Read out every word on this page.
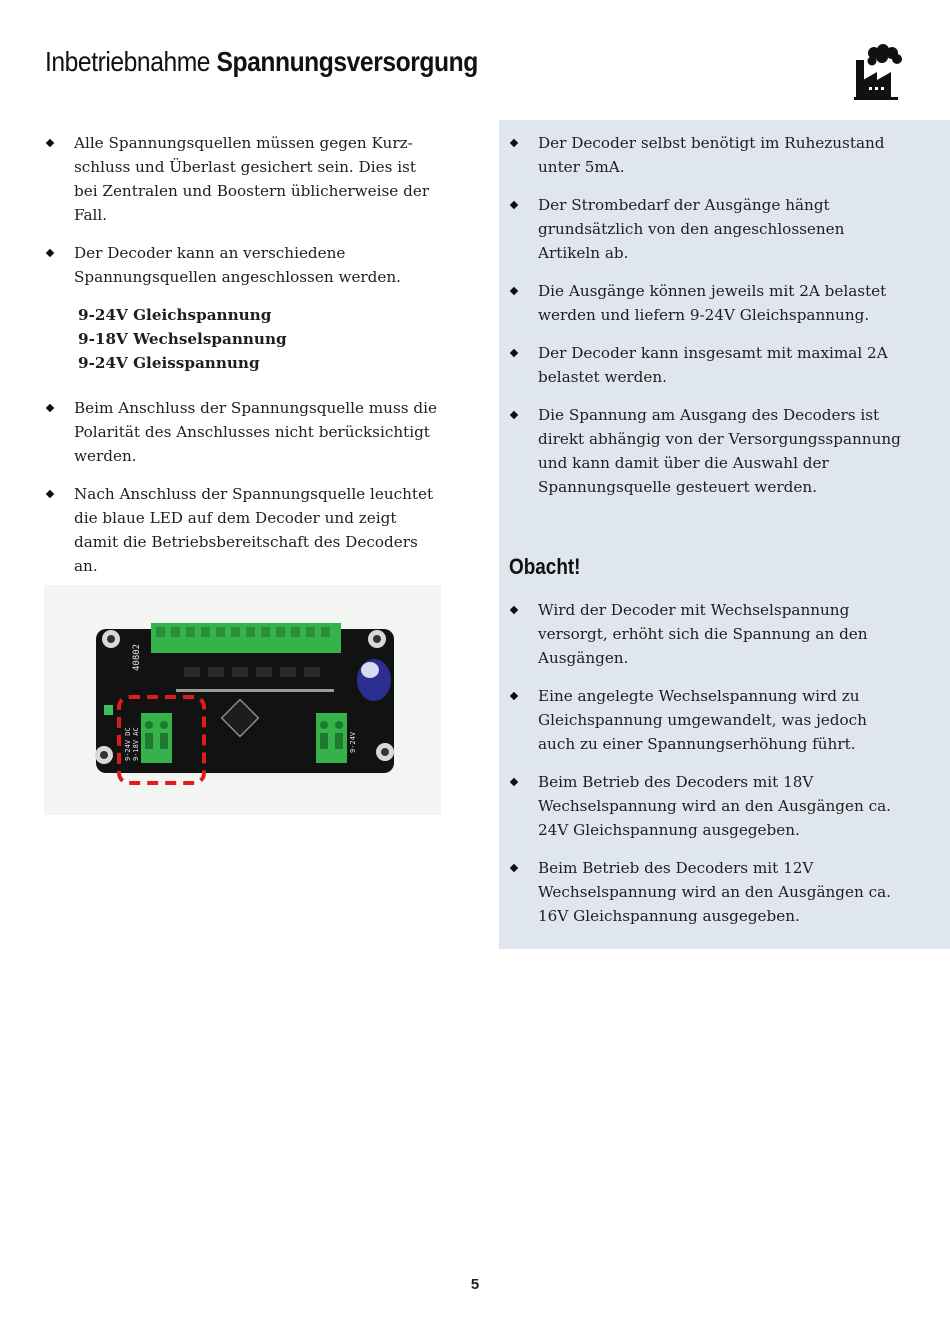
Inbetriebnahme Spannungsversorgung
Alle Spannungsquellen müssen gegen Kurz-schluss und Überlast gesichert sein. Dies ist bei Zentralen und Boostern üblicherweise der Fall.
Der Decoder kann an verschiedene Spannungsquellen angeschlossen werden.
9-24V Gleichspannung
9-18V Wechselspannung
9-24V Gleisspannung
Beim Anschluss der Spannungsquelle muss die Polarität des Anschlusses nicht berücksichtigt werden.
Nach Anschluss der Spannungsquelle leuchtet die blaue LED auf dem Decoder und zeigt damit die Betriebsbereitschaft des Decoders an.
Der Decoder selbst benötigt im Ruhezustand unter 5mA.
Der Strombedarf der Ausgänge hängt grundsätzlich von den angeschlossenen Artikeln ab.
Die Ausgänge können jeweils mit 2A belastet werden und liefern 9-24V Gleichspannung.
Der Decoder kann insgesamt mit maximal 2A belastet werden.
Die Spannung am Ausgang des Decoders ist direkt abhängig von der Versorgungsspannung und kann damit über die Auswahl der Spannungsquelle gesteuert werden.
Obacht!
Wird der Decoder mit Wechselspannung versorgt, erhöht sich die Spannung an den Ausgängen.
Eine angelegte Wechselspannung wird zu Gleichspannung umgewandelt, was jedoch auch zu einer Spannungserhöhung führt.
Beim Betrieb des Decoders mit 18V Wechselspannung wird an den Ausgängen ca. 24V Gleichspannung ausgegeben.
Beim Betrieb des Decoders mit 12V Wechselspannung wird an den Ausgängen ca. 16V Gleichspannung ausgegeben.
40802
9-24V DC 9-18V AC	9-24V
5
